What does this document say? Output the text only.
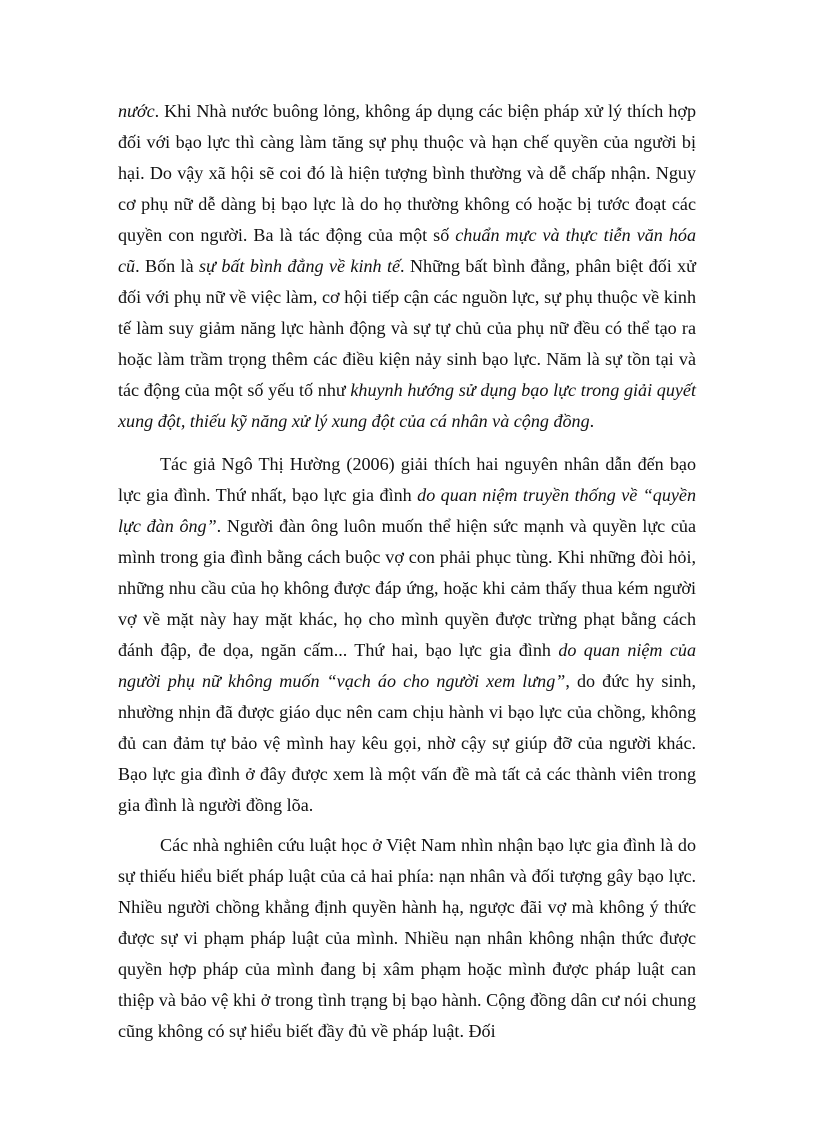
nước. Khi Nhà nước buông lỏng, không áp dụng các biện pháp xử lý thích hợp đối với bạo lực thì càng làm tăng sự phụ thuộc và hạn chế quyền của người bị hại. Do vậy xã hội sẽ coi đó là hiện tượng bình thường và dễ chấp nhận. Nguy cơ phụ nữ dễ dàng bị bạo lực là do họ thường không có hoặc bị tước đoạt các quyền con người. Ba là tác động của một số chuẩn mực và thực tiễn văn hóa cũ. Bốn là sự bất bình đẳng về kinh tế. Những bất bình đẳng, phân biệt đối xử đối với phụ nữ về việc làm, cơ hội tiếp cận các nguồn lực, sự phụ thuộc về kinh tế làm suy giảm năng lực hành động và sự tự chủ của phụ nữ đều có thể tạo ra hoặc làm trầm trọng thêm các điều kiện nảy sinh bạo lực. Năm là sự tồn tại và tác động của một số yếu tố như khuynh hướng sử dụng bạo lực trong giải quyết xung đột, thiếu kỹ năng xử lý xung đột của cá nhân và cộng đồng.

Tác giả Ngô Thị Hường (2006) giải thích hai nguyên nhân dẫn đến bạo lực gia đình. Thứ nhất, bạo lực gia đình do quan niệm truyền thống về “quyền lực đàn ông”. Người đàn ông luôn muốn thể hiện sức mạnh và quyền lực của mình trong gia đình bằng cách buộc vợ con phải phục tùng. Khi những đòi hỏi, những nhu cầu của họ không được đáp ứng, hoặc khi cảm thấy thua kém người vợ về mặt này hay mặt khác, họ cho mình quyền được trừng phạt bằng cách đánh đập, đe dọa, ngăn cấm... Thứ hai, bạo lực gia đình do quan niệm của người phụ nữ không muốn “vạch áo cho người xem lưng”, do đức hy sinh, nhường nhịn đã được giáo dục nên cam chịu hành vi bạo lực của chồng, không đủ can đảm tự bảo vệ mình hay kêu gọi, nhờ cậy sự giúp đỡ của người khác. Bạo lực gia đình ở đây được xem là một vấn đề mà tất cả các thành viên trong gia đình là người đồng lõa.

Các nhà nghiên cứu luật học ở Việt Nam nhìn nhận bạo lực gia đình là do sự thiếu hiểu biết pháp luật của cả hai phía: nạn nhân và đối tượng gây bạo lực. Nhiều người chồng khẳng định quyền hành hạ, ngược đãi vợ mà không ý thức được sự vi phạm pháp luật của mình. Nhiều nạn nhân không nhận thức được quyền hợp pháp của mình đang bị xâm phạm hoặc mình được pháp luật can thiệp và bảo vệ khi ở trong tình trạng bị bạo hành. Cộng đồng dân cư nói chung cũng không có sự hiểu biết đầy đủ về pháp luật. Đối
